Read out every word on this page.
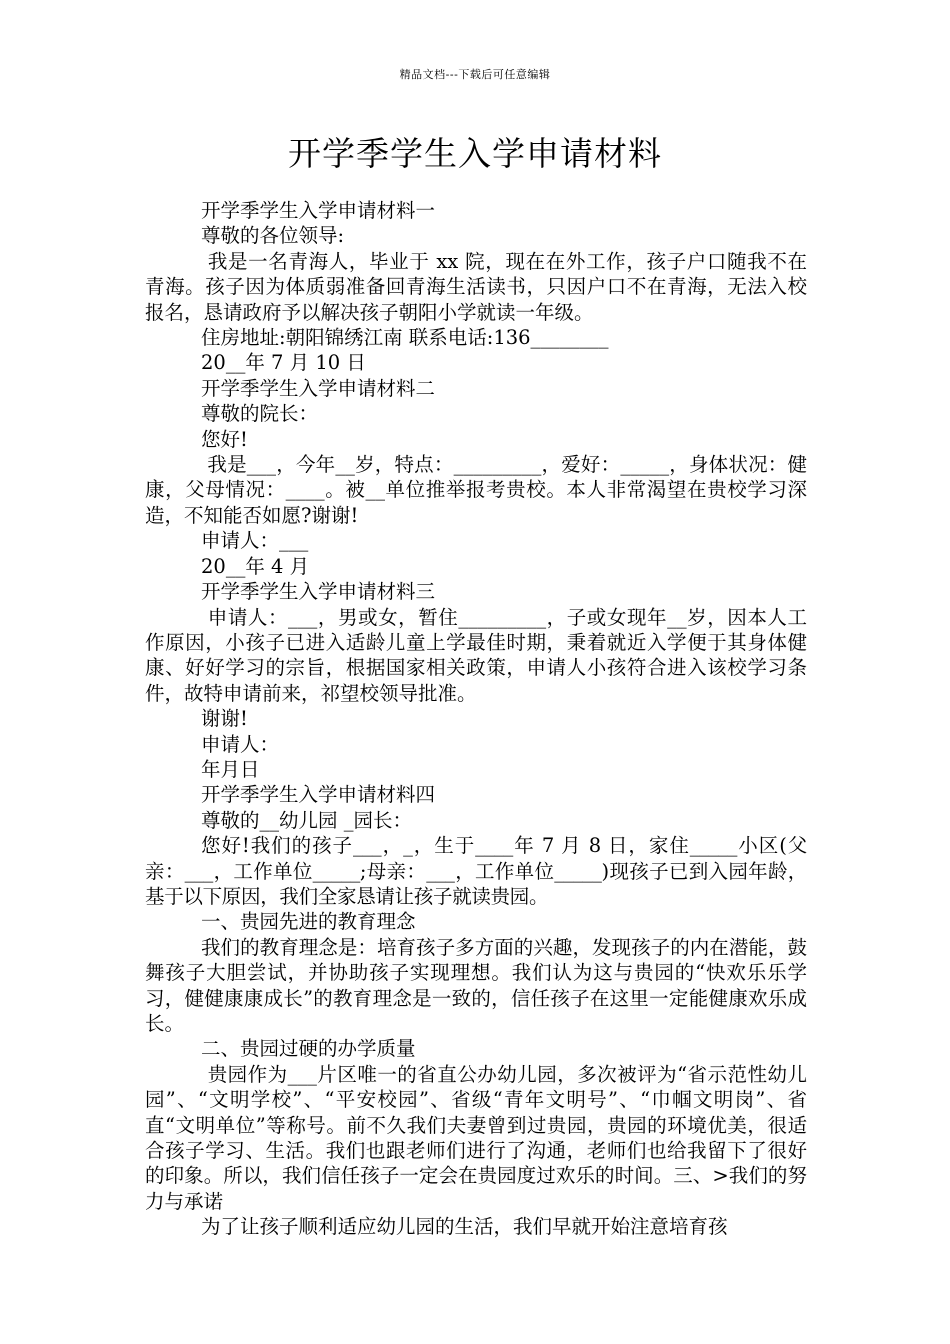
精品文档---下载后可任意编辑
开学季学生入学申请材料

开学季学生入学申请材料一

尊敬的各位领导:

我是一名青海人，毕业于 xx 院，现在在外工作，孩子户口随我不在青海。孩子因为体质弱准备回青海生活读书，只因户口不在青海，无法入校报名，恳请政府予以解决孩子朝阳小学就读一年级。

住房地址:朝阳锦绣江南 联系电话:136________

20__年 7 月 10 日

开学季学生入学申请材料二

尊敬的院长：

您好!

我是___，今年__岁，特点：_________，爱好：_____，身体状况：健康，父母情况：____。被__单位推举报考贵校。本人非常渴望在贵校学习深造，不知能否如愿?谢谢!

申请人：___

20__年 4 月

开学季学生入学申请材料三

申请人：___，男或女，暂住_________，子或女现年__岁，因本人工作原因，小孩子已进入适龄儿童上学最佳时期，秉着就近入学便于其身体健康、好好学习的宗旨，根据国家相关政策，申请人小孩符合进入该校学习条件，故特申请前来，祁望校领导批准。

谢谢!

申请人：

年月日

开学季学生入学申请材料四

尊敬的__幼儿园 _园长：

您好!我们的孩子___，_，生于____年 7 月 8 日，家住_____小区(父亲：___，工作单位_____;母亲：___，工作单位_____)现孩子已到入园年龄，基于以下原因，我们全家恳请让孩子就读贵园。

一、贵园先进的教育理念

我们的教育理念是：培育孩子多方面的兴趣，发现孩子的内在潜能，鼓舞孩子大胆尝试，并协助孩子实现理想。我们认为这与贵园的“快欢乐乐学习，健健康康成长”的教育理念是一致的，信任孩子在这里一定能健康欢乐成长。

二、贵园过硬的办学质量

贵园作为___片区唯一的省直公办幼儿园，多次被评为“省示范性幼儿园”、“文明学校”、“平安校园”、省级“青年文明号”、“巾帼文明岗”、省直“文明单位”等称号。前不久我们夫妻曾到过贵园，贵园的环境优美，很适合孩子学习、生活。我们也跟老师们进行了沟通，老师们也给我留下了很好的印象。所以，我们信任孩子一定会在贵园度过欢乐的时间。三、>我们的努力与承诺

为了让孩子顺利适应幼儿园的生活，我们早就开始注意培育孩
